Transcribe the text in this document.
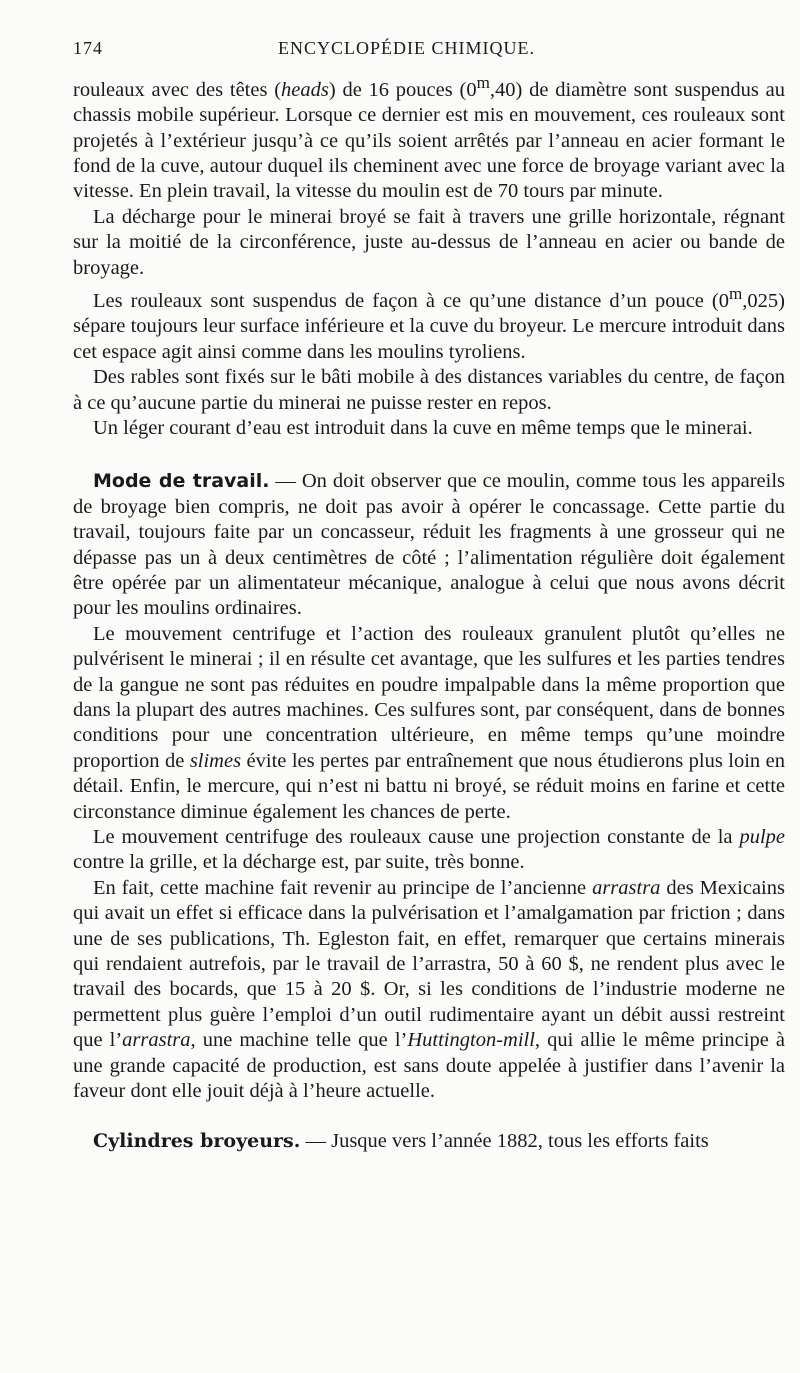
174	ENCYCLOPÉDIE CHIMIQUE.

rouleaux avec des têtes (heads) de 16 pouces (0$^m$,40) de diamètre sont suspendus au chassis mobile supérieur. Lorsque ce dernier est mis en mouvement, ces rouleaux sont projetés à l’extérieur jusqu’à ce qu’ils soient arrêtés par l’anneau en acier formant le fond de la cuve, autour duquel ils cheminent avec une force de broyage variant avec la vitesse. En plein travail, la vitesse du moulin est de 70 tours par minute.

La décharge pour le minerai broyé se fait à travers une grille horizontale, régnant sur la moitié de la circonférence, juste au-dessus de l’anneau en acier ou bande de broyage.

Les rouleaux sont suspendus de façon à ce qu’une distance d’un pouce (0$^m$,025) sépare toujours leur surface inférieure et la cuve du broyeur. Le mercure introduit dans cet espace agit ainsi comme dans les moulins tyroliens.

Des rables sont fixés sur le bâti mobile à des distances variables du centre, de façon à ce qu’aucune partie du minerai ne puisse rester en repos.

Un léger courant d’eau est introduit dans la cuve en même temps que le minerai.

Mode de travail. — On doit observer que ce moulin, comme tous les appareils de broyage bien compris, ne doit pas avoir à opérer le concassage. Cette partie du travail, toujours faite par un concasseur, réduit les fragments à une grosseur qui ne dépasse pas un à deux centimètres de côté ; l’alimentation régulière doit également être opérée par un alimentateur mécanique, analogue à celui que nous avons décrit pour les moulins ordinaires.

Le mouvement centrifuge et l’action des rouleaux granulent plutôt qu’elles ne pulvérisent le minerai ; il en résulte cet avantage, que les sulfures et les parties tendres de la gangue ne sont pas réduites en poudre impalpable dans la même proportion que dans la plupart des autres machines. Ces sulfures sont, par conséquent, dans de bonnes conditions pour une concentration ultérieure, en même temps qu’une moindre proportion de slimes évite les pertes par entraînement que nous étudierons plus loin en détail. Enfin, le mercure, qui n’est ni battu ni broyé, se réduit moins en farine et cette circonstance diminue également les chances de perte.

Le mouvement centrifuge des rouleaux cause une projection constante de la pulpe contre la grille, et la décharge est, par suite, très bonne.

En fait, cette machine fait revenir au principe de l’ancienne arrastra des Mexicains qui avait un effet si efficace dans la pulvérisation et l’amalgamation par friction ; dans une de ses publications, Th. Egleston fait, en effet, remarquer que certains minerais qui rendaient autrefois, par le travail de l’arrastra, 50 à 60 $, ne rendent plus avec le travail des bocards, que 15 à 20 $. Or, si les conditions de l’industrie moderne ne permettent plus guère l’emploi d’un outil rudimentaire ayant un débit aussi restreint que l’arrastra, une machine telle que l’Huttington-mill, qui allie le même principe à une grande capacité de production, est sans doute appelée à justifier dans l’avenir la faveur dont elle jouit déjà à l’heure actuelle.

Cylindres broyeurs. — Jusque vers l’année 1882, tous les efforts faits
